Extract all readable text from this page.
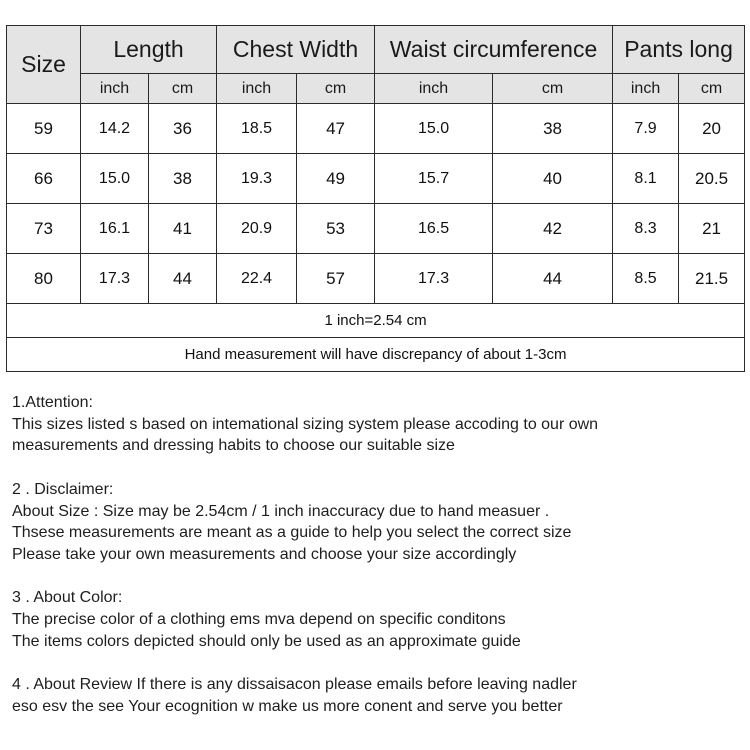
Size	Length		Chest Width		Waist circumference		Pants long	
	inch	cm	inch	cm	inch	cm	inch	cm
59	14.2	36	18.5	47	15.0	38	7.9	20
66	15.0	38	19.3	49	15.7	40	8.1	20.5
73	16.1	41	20.9	53	16.5	42	8.3	21
80	17.3	44	22.4	57	17.3	44	8.5	21.5
1 inch=2.54 cm								
Hand measurement will have discrepancy of about 1-3cm								
1.Attention:
This sizes listed s based on intemational sizing system please accoding to our own
measurements and dressing habits to choose our suitable size
2 . Disclaimer:
About Size : Size may be 2.54cm / 1 inch inaccuracy due to hand measuer .
Thsese measurements are meant as a guide to help you select the correct size
Please take your own measurements and choose your size accordingly
3 . About Color:
The precise color of a clothing ems mva depend on specific conditons
The items colors depicted should only be used as an approximate guide
4 . About Review If there is any dissaisacon please emails before leaving nadler
eso esv the see Your ecognition w make us more conent and serve you better
